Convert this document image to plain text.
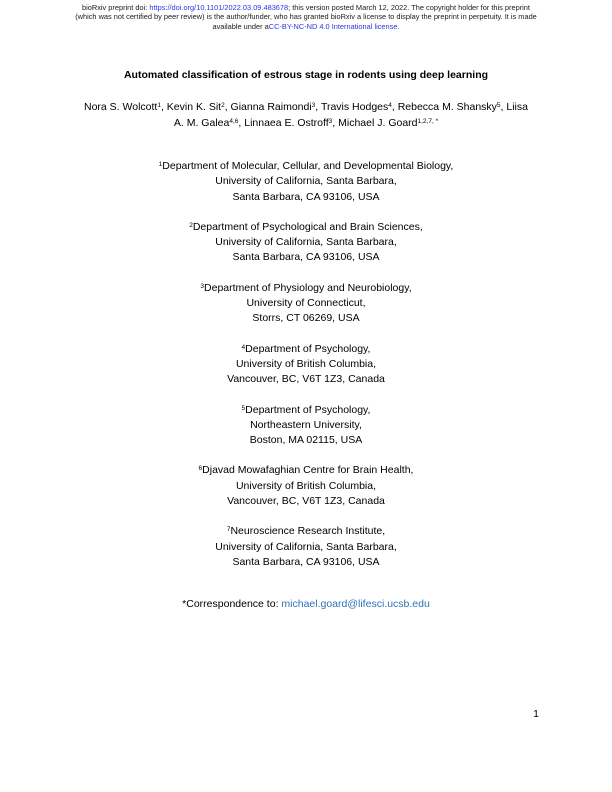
bioRxiv preprint doi: https://doi.org/10.1101/2022.03.09.483678; this version posted March 12, 2022. The copyright holder for this preprint
(which was not certified by peer review) is the author/funder, who has granted bioRxiv a license to display the preprint in perpetuity. It is made
available under aCC-BY-NC-ND 4.0 International license.
Automated classification of estrous stage in rodents using deep learning
Nora S. Wolcott$^1$, Kevin K. Sit$^2$, Gianna Raimondi$^3$, Travis Hodges$^4$, Rebecca M. Shansky$^5$, Liisa
A. M. Galea$^{4,6}$, Linnaea E. Ostroff$^3$, Michael J. Goard$^{1,2,7, *}$
$^1$Department of Molecular, Cellular, and Developmental Biology,
University of California, Santa Barbara,
Santa Barbara, CA 93106, USA
$^2$Department of Psychological and Brain Sciences,
University of California, Santa Barbara,
Santa Barbara, CA 93106, USA
$^3$Department of Physiology and Neurobiology,
University of Connecticut,
Storrs, CT 06269, USA
$^4$Department of Psychology,
University of British Columbia,
Vancouver, BC, V6T 1Z3, Canada
$^5$Department of Psychology,
Northeastern University,
Boston, MA 02115, USA
$^6$Djavad Mowafaghian Centre for Brain Health,
University of British Columbia,
Vancouver, BC, V6T 1Z3, Canada
$^7$Neuroscience Research Institute,
University of California, Santa Barbara,
Santa Barbara, CA 93106, USA
*Correspondence to: michael.goard@lifesci.ucsb.edu
1
